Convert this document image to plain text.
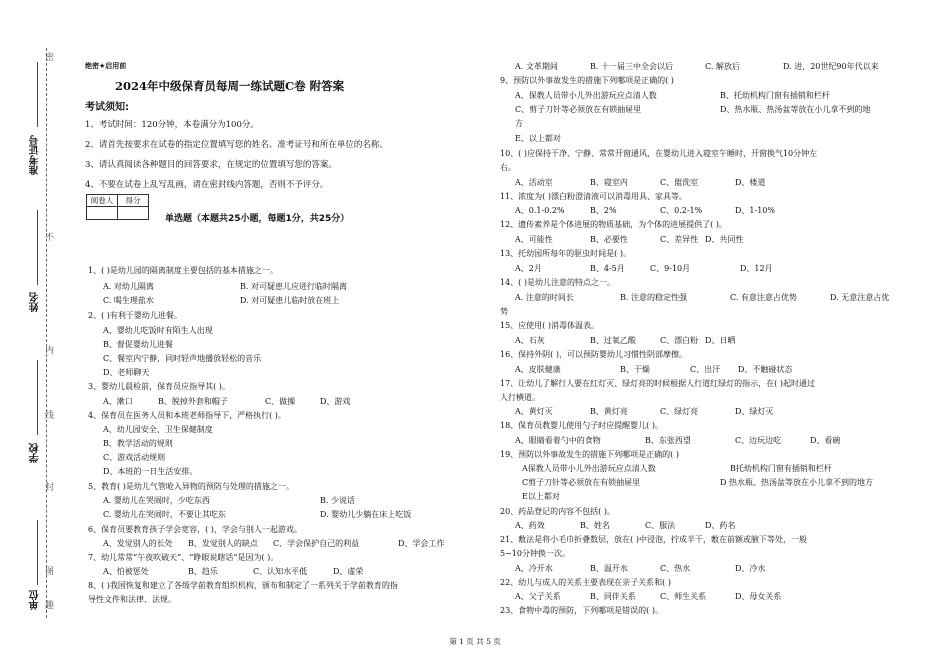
密
准考证号
不
姓名
内
线
学校
封
图
单位 趣
绝密★启用前
2024年中级保育员每周一练试题C卷 附答案
考试须知:
1、考试时间：120分钟，本卷满分为100分。
2、请首先按要求在试卷的指定位置填写您的姓名、准考证号和所在单位的名称。
3、请认真阅读各种题目的回答要求，在规定的位置填写您的答案。
4、不要在试卷上乱写乱画，请在密封线内答题，否则不予评分。
阅卷人	得分

单选题（本题共25小题，每题1分，共25分）
1、( )是幼儿园的隔离制度主要包括的基本措施之一。
A. 对幼儿隔离	B. 对可疑患儿应进行临时隔离
C. 喝生理盐水	D. 对可疑患儿临时放在班上
2、( )有利于婴幼儿进餐。
A、婴幼儿吃饭时有陌生人出现
B、督促婴幼儿进餐
C、餐室内宁静，同时轻声地播放轻松的音乐
D、老师聊天
3、婴幼儿晨检前，保育员应指导其( )。
A、漱口	B、脱掉外套和帽子	C、做操	D、游戏
4、保育员在医务人员和本班老师指导下，严格执行( )。
A、幼儿园安全、卫生保健制度
B、教学活动的规则
C、游戏活动规则
D、本班的一日生活安排。
5、教育( )是幼儿气管呛入异物的预防与处理的措施之一。
A. 婴幼儿在哭闹时，少吃东西	B. 少说话
C. 婴幼儿在哭闹时，不要让其吃东	D. 婴幼儿少躺在床上吃饭
6、保育员要教育孩子学会宽容，( )，学会与别人一起游戏。
A、发觉别人的长处 B、发觉别人的缺点 C、学会保护自己的利益	D、学会工作
7、幼儿常常“午夜吹破天”、“睁眼说瞎话”是因为( )。
A、怕被惩处	B、趋乐	C、认知水平低	D、虚荣
8、( )我国恢复和建立了各级学前教育组织机构，颁布和制定了一系列关于学前教育的指
导性文件和法律、法规。
A. 文革期间	B. 十一届三中全会以后	C. 解放后	D. 进，20世纪90年代以来
9、预防以外事故发生的措施下列哪项是正确的( )
A、保教人员带小儿外出游玩应点清人数	B、托幼机构门窗有插销和栏杆
C、剪子刀针等必须放在有锁抽屉里	D、热水瓶、热汤盆等放在小儿拿不到的地
方
E、以上都对
10、( )应保持干净、宁静、常常开窗通风，在婴幼儿进入寝室午睡时，开窗换气10分钟左
右。
A、活动室	B、寝室内	C、盥洗室	D、楼道
11、浓度为( )漂白粉澄清液可以消毒用具、家具等。
A、0.1-0.2%	B、2%	C、0.2-1%	D、1-10%
12、遗传素养是个体进展的物质基础，为个体的进展提供了( )。
A、可能性	B、必要性	C、差异性 D、共同性
13、托幼园所每年的驱虫时间是( )。
A、2月	B、4-5月	C、9-10月	D、12月
14、( )是幼儿注意的特点之一。
A. 注意的时间长	B. 注意的稳定性强	C. 有意注意占优势	D. 无意注意占优
势
15、应使用( )消毒体温表。
A、石灰	B、过氧乙酸	C、漂白粉 D、日晒
16、保持外阴( )，可以预防婴幼儿习惯性阴部摩擦。
A、皮肤健康	B、干燥	C、出汗 D、不触碰状态
17、让幼儿了解行人要在红灯灭、绿灯亮的时候根据人行道红绿灯的指示，在( )起时通过
人行横道。
A、黄灯灭	B、黄灯亮	C、绿灯亮	D、绿灯灭
18、保育员教婴儿使用勺子时应提醒婴儿( )。
A、眼睛看着勺中的食物	B、东张西望	C、边玩边吃	D、看碗
19、预防以外事故发生的措施下列哪项是正确的( )
A保教人员带小儿外出游玩应点清人数	B托幼机构门窗有插销和栏杆
C剪子刀针等必须放在有锁抽屉里	D 热水瓶、热汤盆等放在小儿拿不到的地方
E以上都对
20、药品登记的内容不包括( )。
A、药效	B、姓名	C、服法	D、药名
21、敷法是将小毛巾折叠数层，放在( )中浸泡，拧成半干，敷在前额或腋下等处，一般
5~10分钟换一次。
A、冷开水	B、温开水	C、热水	D、冷水
22、幼儿与成人的关系主要表现在亲子关系和( )
A、父子关系	B、同伴关系	C、师生关系	D、母女关系
23、食物中毒的预防，下列哪项是错误的( )。
第 1 页 共 5 页
